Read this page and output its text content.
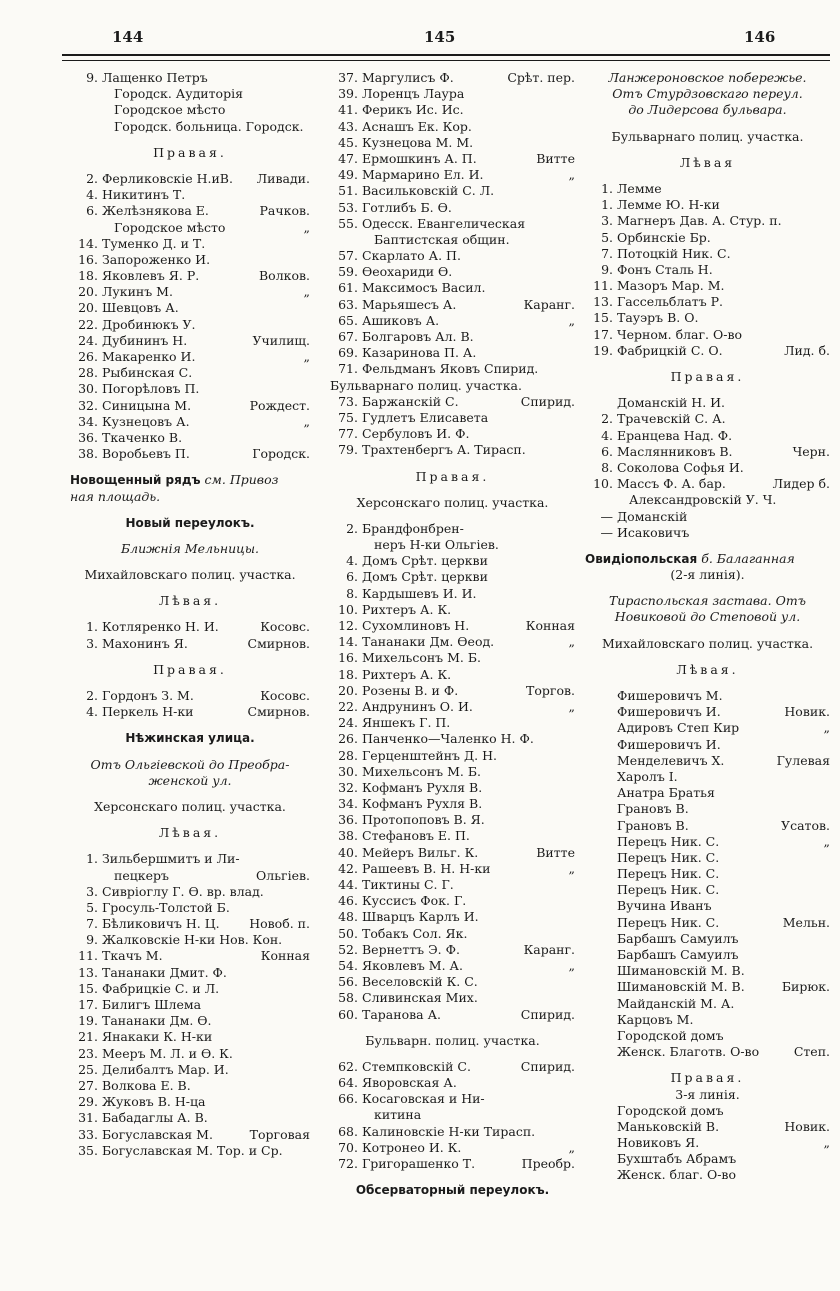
144	145	146
9. Лащенко Петръ
Городск. Аудиторія
Городское мѣсто
Городск. больница. Городск.
Правая.
2. Ферликовскіе Н.иВ.	Ливади.
4. Никитинъ Т.
6. Желѣзнякова Е.	Рачков.
Городское мѣсто	„
14. Туменко Д. и Т.
16. Запороженко И.
18. Яковлевъ Я. Р.	Волков.
20. Лукинъ М.	„
20. Шевцовъ А.
22. Дробинюкъ У.
24. Дубининъ Н.	Училищ.
26. Макаренко И.	„
28. Рыбинская С.
30. Погорѣловъ П.
32. Синицына М.	Рождест.
34. Кузнецовъ А.	„
36. Ткаченко В.
38. Воробьевъ П.	Городск.
Новощенный рядъ см. Привоз
ная площадь.
Новый переулокъ.
Ближнія Мельницы.
Михайловскаго полиц. участка.
Лѣвая.
1. Котляренко Н. И.	Косовс.
3. Махонинъ Я.	Смирнов.
Правая.
2. Гордонъ З. М.	Косовс.
4. Перкель Н-ки	Смирнов.
Нѣжинская улица.
Отъ Ольгіевской до Преобра-
женской ул.
Херсонскаго полиц. участка.
Лѣвая.
1. Зильбершмитъ и Ли-
пецкеръ	Ольгіев.
3. Сивріоглу Г. Ѳ. вр. влад.
5. Гросуль-Толстой Б.
7. Бѣликовичъ Н. Ц.	Новоб. п.
9. Жалковскіе Н-ки Нов. Кон.
11. Ткачъ М.	Конная
13. Тананаки Дмит. Ф.
15. Фабрицкіе С. и Л.
17. Билигъ Шлема
19. Тананаки Дм. Ѳ.
21. Янакаки К. Н-ки
23. Мееръ М. Л. и Ѳ. К.
25. Делибалтъ Мар. И.
27. Волкова Е. В.
29. Жуковъ В. Н-ца
31. Бабадаглы А. В.
33. Богуславская М.	Торговая
35. Богуславская М. Тор. и Ср.
37. Маргулисъ Ф.	Срѣт. пер.
39. Лоренцъ Лаура
41. Ферикъ Ис. Ис.
43. Аснашъ Ек. Кор.
45. Кузнецова М. М.
47. Ермошкинъ А. П.	Витте
49. Мармарино Ел. И.	„
51. Васильковскій С. Л.
53. Готлибъ Б. Ѳ.
55. Одесск. Евангелическая
Баптистская общин.
57. Скарлато А. П.
59. Ѳеохариди Ѳ.
61. Максимосъ Васил.
63. Марьяшесъ А.	Каранг.
65. Ашиковъ А.	„
67. Болгаровъ Ал. В.
69. Казаринова П. А.
71. Фельдманъ Яковъ Спирид.
Бульварнаго полиц. участка.
73. Баржанскій С.	Спирид.
75. Гудлетъ Елисавета
77. Сербуловъ И. Ф.
79. Трахтенбергъ А. Тирасп.
Правая.
Херсонскаго полиц. участка.
2. Брандфонбрен-
неръ Н-ки Ольгіев.
4. Домъ Срѣт. церкви
6. Домъ Срѣт. церкви
8. Кардышевъ И. И.
10. Рихтеръ А. К.
12. Сухомлиновъ Н.	Конная
14. Тананаки Дм. Ѳеод.	„
16. Михельсонъ М. Б.
18. Рихтеръ А. К.
20. Розены В. и Ф.	Торгов.
22. Андрунинъ О. И.	„
24. Яншекъ Г. П.
26. Панченко—Чаленко Н. Ф.
28. Герценштейнъ Д. Н.
30. Михельсонъ М. Б.
32. Кофманъ Рухля В.
34. Кофманъ Рухля В.
36. Протопоповъ В. Я.
38. Стефановъ Е. П.
40. Мейеръ Вильг. К.	Витте
42. Рашеевъ В. Н. Н-ки	„
44. Тиктины С. Г.
46. Куссисъ Фок. Г.
48. Шварцъ Карлъ И.
50. Тобакъ Сол. Як.
52. Вернеттъ Э. Ф.	Каранг.
54. Яковлевъ М. А.	„
56. Веселовскій К. С.
58. Сливинская Мих.
60. Таранова А.	Спирид.
Бульварн. полиц. участка.
62. Стемпковскій С.	Спирид.
64. Яворовская А.
66. Косаговская и Ни-
китина
68. Калиновскіе Н-ки Тирасп.
70. Котронео И. К.	„
72. Григорашенко Т.	Преобр.
Обсерваторный переулокъ.
Ланжероновское побережье.
Отъ Стурдзовскаго переул.
до Лидерсова бульвара.
Бульварнаго полиц. участка.
Лѣвая
1. Лемме
1. Лемме Ю. Н-ки
3. Магнеръ Дав. А. Стур. п.
5. Орбинскіе Бр.
7. Потоцкій Ник. С.
9. Фонъ Сталь Н.
11. Мазоръ Мар. М.
13. Гассельблатъ Р.
15. Тауэръ В. О.
17. Черном. благ. О-во
19. Фабрицкій С. О.	Лид. б.
Правая.
Доманскій Н. И.
2. Трачевскій С. А.
4. Еранцева Над. Ф.
6. Маслянниковъ В.	Черн.
8. Соколова Софья И.
10. Массъ Ф. А. бар.	Лидер б.
Александровскій У. Ч.
— Доманскій
— Исаковичъ
Овидіопольская б. Балаганная
(2-я линія).
Тираспольская застава. Отъ
Новиковой до Степовой ул.
Михайловскаго полиц. участка.
Лѣвая.
Фишеровичъ М.
Фишеровичъ И.	Новик.
Адировъ Степ Кир	„
Фишеровичъ И.
Менделевичъ Х.	Гулевая
Харолъ І.
Анатра Братья
Грановъ В.
Грановъ В.	Усатов.
Перецъ Ник. С.	„
Перецъ Ник. С.
Перецъ Ник. С.
Перецъ Ник. С.
Вучина Иванъ
Перецъ Ник. С.	Мельн.
Барбашъ Самуилъ
Барбашъ Самуилъ
Шимановскій М. В.
Шимановскій М. В.	Бирюк.
Майданскій М. А.
Карцовъ М.
Городской домъ
Женск. Благотв. О-во	Степ.
Правая.
3-я линія.
Городской домъ
Маньковскій В.	Новик.
Новиковъ Я.	„
Бухштабъ Абрамъ
Женск. благ. О-во
